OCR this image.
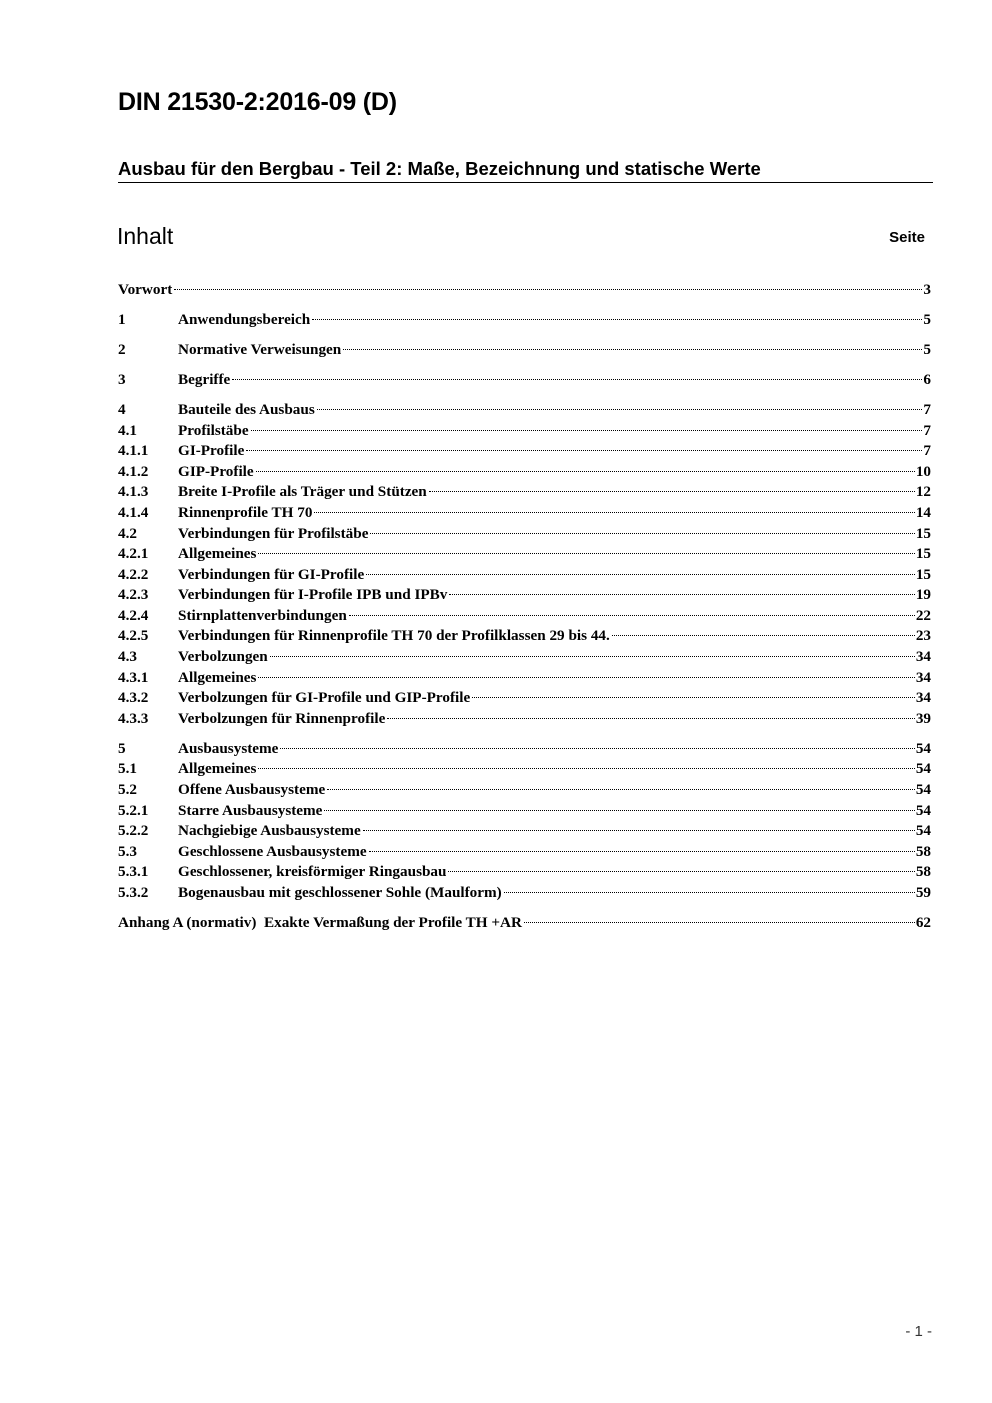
DIN 21530-2:2016-09 (D)
Ausbau für den Bergbau - Teil 2: Maße, Bezeichnung und statische Werte
Inhalt	Seite
Vorwort	3
1	Anwendungsbereich	5
2	Normative Verweisungen	5
3	Begriffe	6
4	Bauteile des Ausbaus	7
4.1	Profilstäbe	7
4.1.1	GI-Profile	7
4.1.2	GIP-Profile	10
4.1.3	Breite I-Profile als Träger und Stützen	12
4.1.4	Rinnenprofile TH 70	14
4.2	Verbindungen für Profilstäbe	15
4.2.1	Allgemeines	15
4.2.2	Verbindungen für GI-Profile	15
4.2.3	Verbindungen für I-Profile IPB und IPBv	19
4.2.4	Stirnplattenverbindungen	22
4.2.5	Verbindungen für Rinnenprofile TH 70 der Profilklassen 29 bis 44.	23
4.3	Verbolzungen	34
4.3.1	Allgemeines	34
4.3.2	Verbolzungen für GI-Profile und GIP-Profile	34
4.3.3	Verbolzungen für Rinnenprofile	39
5	Ausbausysteme	54
5.1	Allgemeines	54
5.2	Offene Ausbausysteme	54
5.2.1	Starre Ausbausysteme	54
5.2.2	Nachgiebige Ausbausysteme	54
5.3	Geschlossene Ausbausysteme	58
5.3.1	Geschlossener, kreisförmiger Ringausbau	58
5.3.2	Bogenausbau mit geschlossener Sohle (Maulform)	59
Anhang A (normativ)  Exakte Vermaßung der Profile TH +AR	62
- 1 -
